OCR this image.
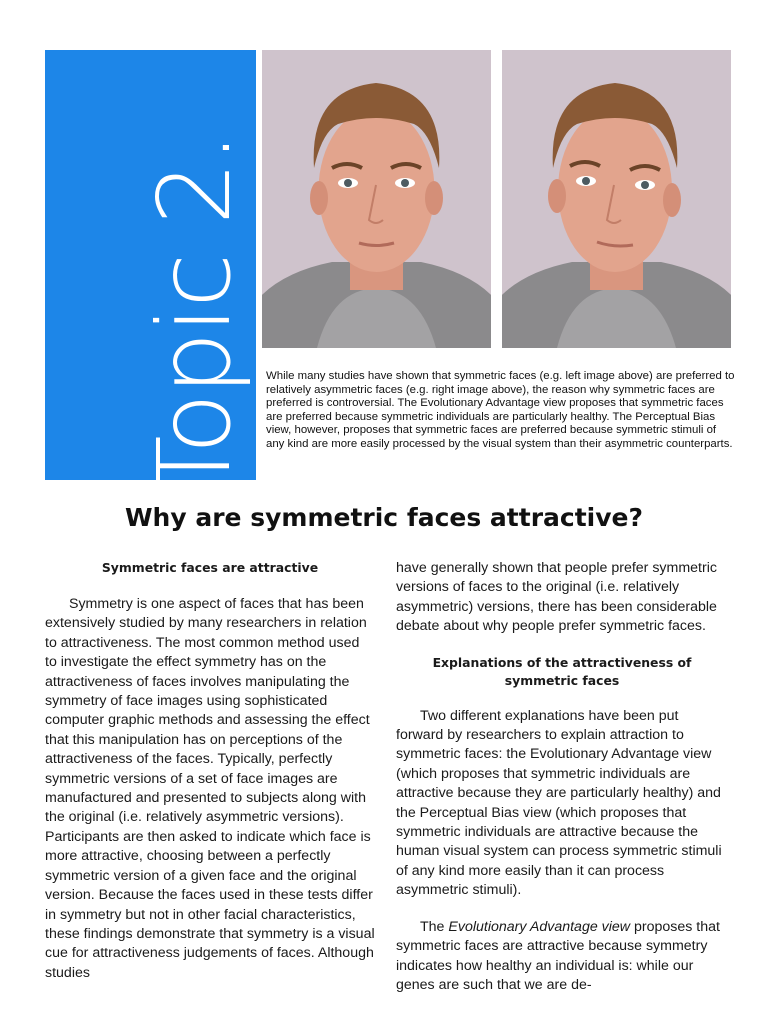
Topic 2. While many studies have shown that symmetric faces (e.g. left image above) are preferred to relatively asymmetric faces (e.g. right image above), the reason why symmetric faces are preferred is controversial. The Evolutionary Advantage view proposes that symmetric faces are preferred because symmetric individuals are particularly healthy. The Perceptual Bias view, however, proposes that symmetric faces are preferred because symmetric stimuli of any kind are more easily processed by the visual system than their asymmetric counterparts.

Why are symmetric faces attractive?

Symmetric faces are attractive

Symmetry is one aspect of faces that has been extensively studied by many researchers in relation to attractiveness. The most common method used to investigate the effect symmetry has on the attractiveness of faces involves manipulating the symmetry of face images using sophisticated computer graphic methods and assessing the effect that this manipulation has on perceptions of the attractiveness of the faces. Typically, perfectly symmetric versions of a set of face images are manufactured and presented to subjects along with the original (i.e. relatively asymmetric versions). Participants are then asked to indicate which face is more attractive, choosing between a perfectly symmetric version of a given face and the original version. Because the faces used in these tests differ in symmetry but not in other facial characteristics, these findings demonstrate that symmetry is a visual cue for attractiveness judgements of faces. Although studies

have generally shown that people prefer symmetric versions of faces to the original (i.e. relatively asymmetric) versions, there has been considerable debate about why people prefer symmetric faces.

Explanations of the attractiveness of symmetric faces

Two different explanations have been put forward by researchers to explain attraction to symmetric faces: the Evolutionary Advantage view (which proposes that symmetric individuals are attractive because they are particularly healthy) and the Perceptual Bias view (which proposes that symmetric individuals are attractive because the human visual system can process symmetric stimuli of any kind more easily than it can process asymmetric stimuli).

The Evolutionary Advantage view proposes that symmetric faces are attractive because symmetry indicates how healthy an individual is: while our genes are such that we are de-
